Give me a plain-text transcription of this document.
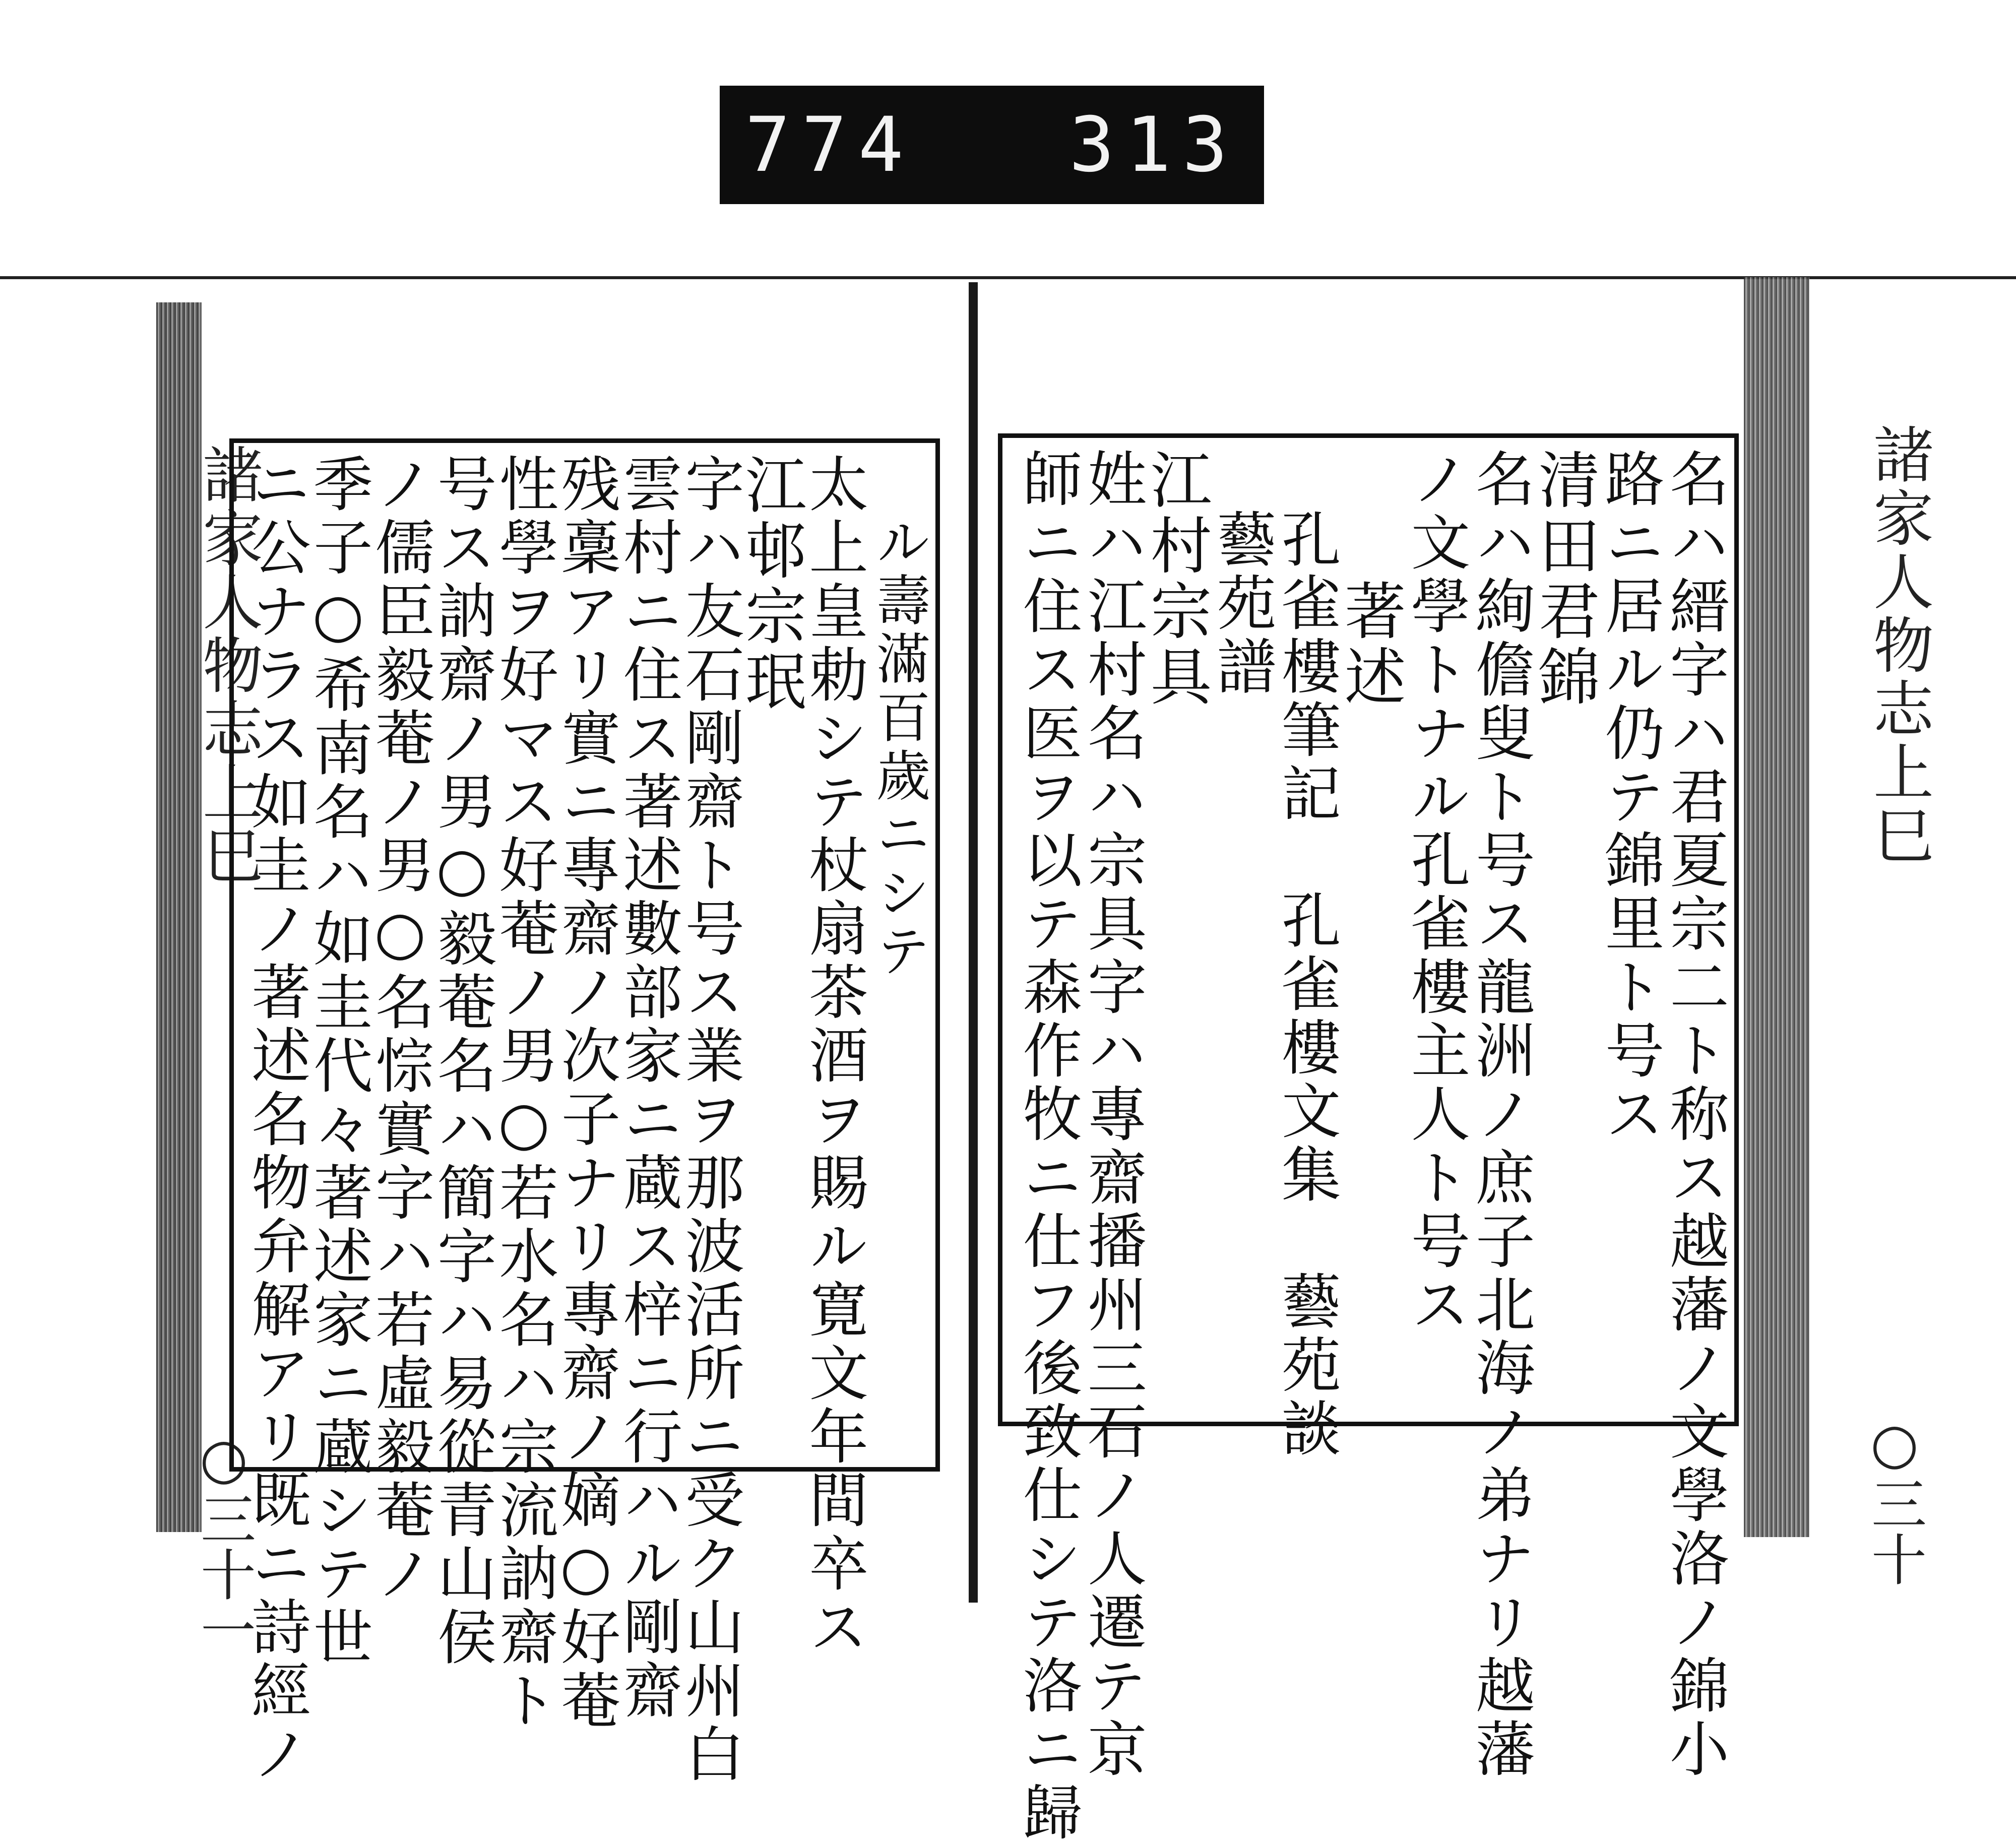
774 313
諸家人物志上巳
○三十一
ル壽滿百歲ニシテ
太上皇勅シテ杖扇茶酒ヲ賜ル寛文年間卒ス
江邨宗珉
字ハ友石剛齋ト号ス業ヲ那波活所ニ受ク山州白
雲村ニ住ス著述數部家ニ蔵ス梓ニ行ハル剛齋
残稾アリ實ニ專齋ノ次子ナリ專齋ノ嫡○好菴
性學ヲ好マス好菴ノ男○若水名ハ宗流訥齋ト
号ス訥齋ノ男○毅菴名ハ簡字ハ易從青山侯
ノ儒臣毅菴ノ男○名悰實字ハ若虛毅菴ノ
季子○希南名ハ如圭代々著述家ニ蔵シテ世
ニ公ナラス如圭ノ著述名物弁解アリ既ニ詩經ノ	諸家人物志上巳
○三十
名ハ縉字ハ君夏宗二ト称ス越藩ノ文學洛ノ錦小
路ニ居ル仍テ錦里ト号ス
清田君錦
名ハ絢儋叟ト号ス龍洲ノ庶子北海ノ弟ナリ越藩
ノ文學トナル孔雀樓主人ト号ス
著述
孔雀樓筆記　孔雀樓文集　藝苑談
藝苑譜
江村宗具
姓ハ江村名ハ宗具字ハ專齋播州三石ノ人遷テ京
師ニ住ス医ヲ以テ森作牧ニ仕フ後致仕シテ洛ニ歸
